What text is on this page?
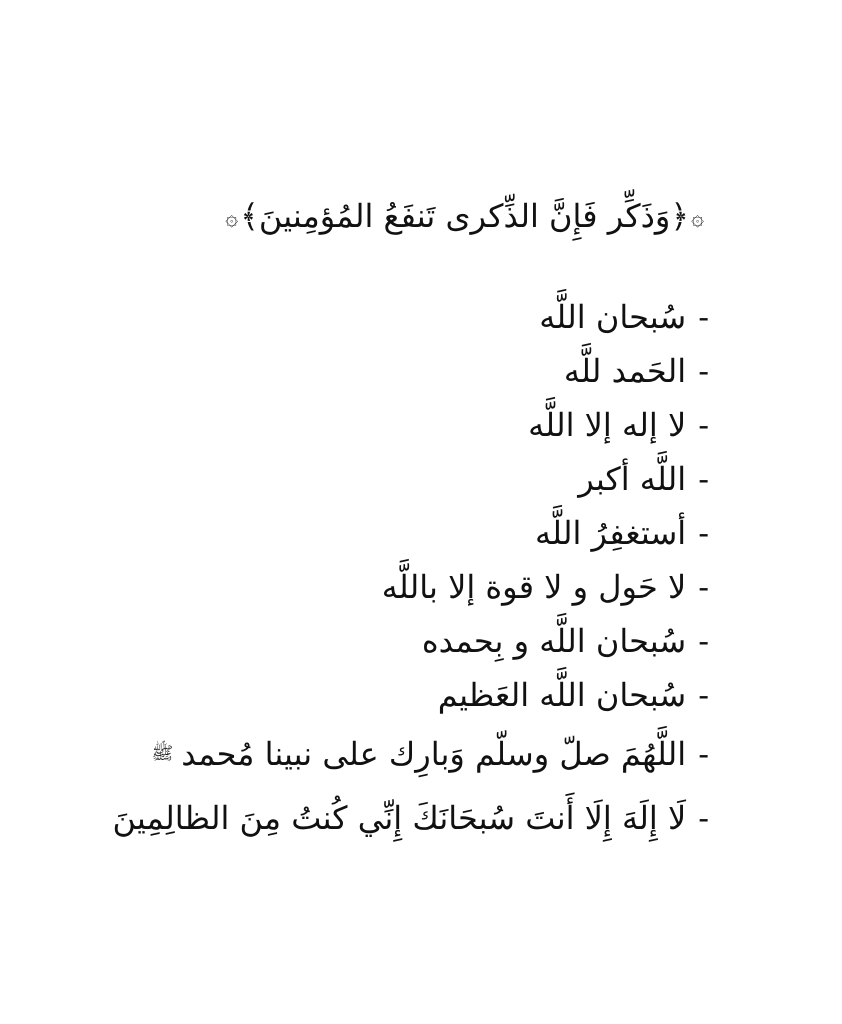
۞﴿وَذَكِّر فَإِنَّ الذِّكرى تَنفَعُ المُؤمِنينَ﴾۞
-
سُبحان اللَّه
-
الحَمد للَّه
-
لا إله إلا اللَّه
-
اللَّه أكبر
-
أستغفِرُ اللَّه
-
لا حَول و لا قوة إلا باللَّه
-
سُبحان اللَّه و بِحمده
-
سُبحان اللَّه العَظيم
-
اللَّهُمَ صلّ وسلّم وَبارِك على نبينا مُحمد
ﷺ
-
لَا إِلَهَ إِلَا أَنتَ سُبحَانَكَ إِنِّي كُنتُ مِنَ الظالِمِينَ
